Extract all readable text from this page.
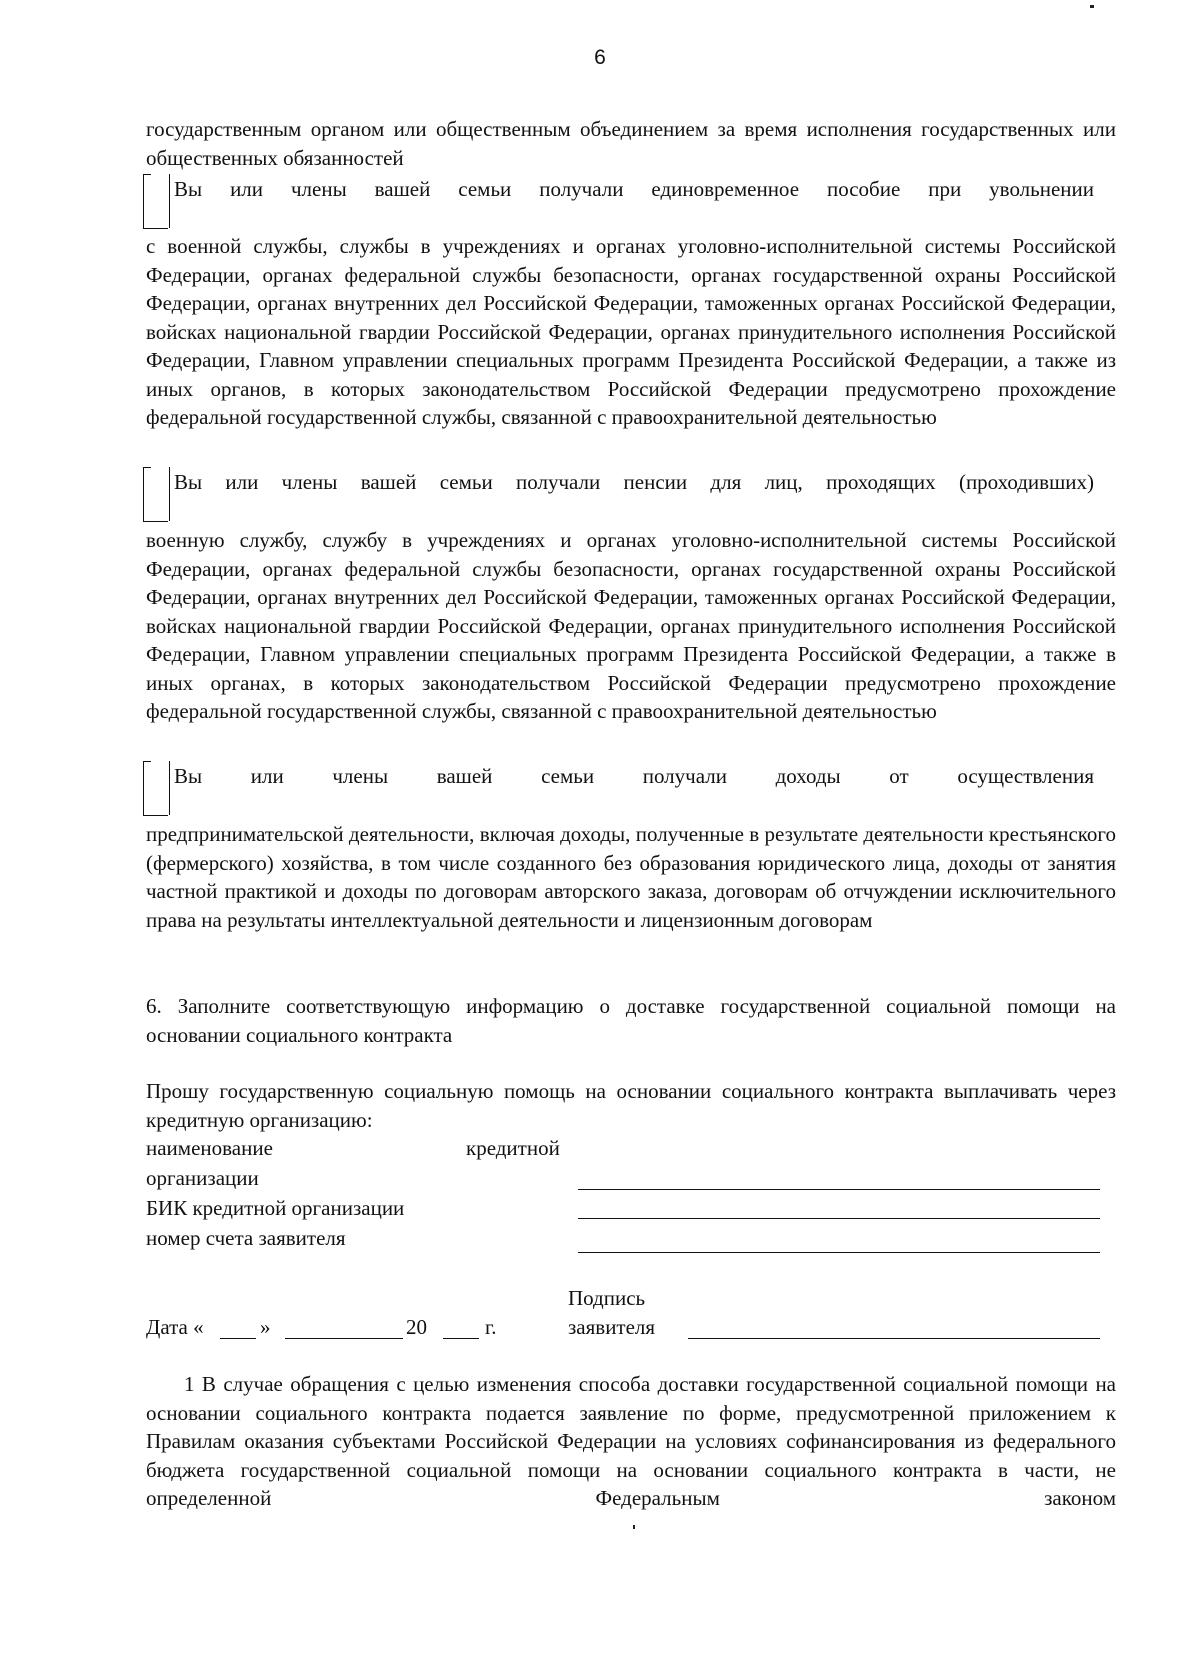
6

государственным органом или общественным объединением за время исполнения государственных или общественных обязанностей

Вы или члены вашей семьи получали единовременное пособие при увольнении

с военной службы, службы в учреждениях и органах уголовно-исполнительной системы Российской Федерации, органах федеральной службы безопасности, органах государственной охраны Российской Федерации, органах внутренних дел Российской Федерации, таможенных органах Российской Федерации, войсках национальной гвардии Российской Федерации, органах принудительного исполнения Российской Федерации, Главном управлении специальных программ Президента Российской Федерации, а также из иных органов, в которых законодательством Российской Федерации предусмотрено прохождение федеральной государственной службы, связанной с правоохранительной деятельностью

Вы или члены вашей семьи получали пенсии для лиц, проходящих (проходивших)

военную службу, службу в учреждениях и органах уголовно-исполнительной системы Российской Федерации, органах федеральной службы безопасности, органах государственной охраны Российской Федерации, органах внутренних дел Российской Федерации, таможенных органах Российской Федерации, войсках национальной гвардии Российской Федерации, органах принудительного исполнения Российской Федерации, Главном управлении специальных программ Президента Российской Федерации, а также в иных органах, в которых законодательством Российской Федерации предусмотрено прохождение федеральной государственной службы, связанной с правоохранительной деятельностью

Вы или члены вашей семьи получали доходы от осуществления

предпринимательской деятельности, включая доходы, полученные в результате деятельности крестьянского (фермерского) хозяйства, в том числе созданного без образования юридического лица, доходы от занятия частной практикой и доходы по договорам авторского заказа, договорам об отчуждении исключительного права на результаты интеллектуальной деятельности и лицензионным договорам

6. Заполните соответствующую информацию о доставке государственной социальной помощи на основании социального контракта

Прошу государственную социальную помощь на основании социального контракта выплачивать через кредитную организацию:

наименование	кредитной
организации
БИК кредитной организации
номер счета заявителя
Подпись
Дата «	»	20	г.	заявителя

1 В случае обращения с целью изменения способа доставки государственной социальной помощи на основании социального контракта подается заявление по форме, предусмотренной приложением к Правилам оказания субъектами Российской Федерации на условиях софинансирования из федерального бюджета государственной социальной помощи на основании социального контракта в части, не определенной Федеральным законом
